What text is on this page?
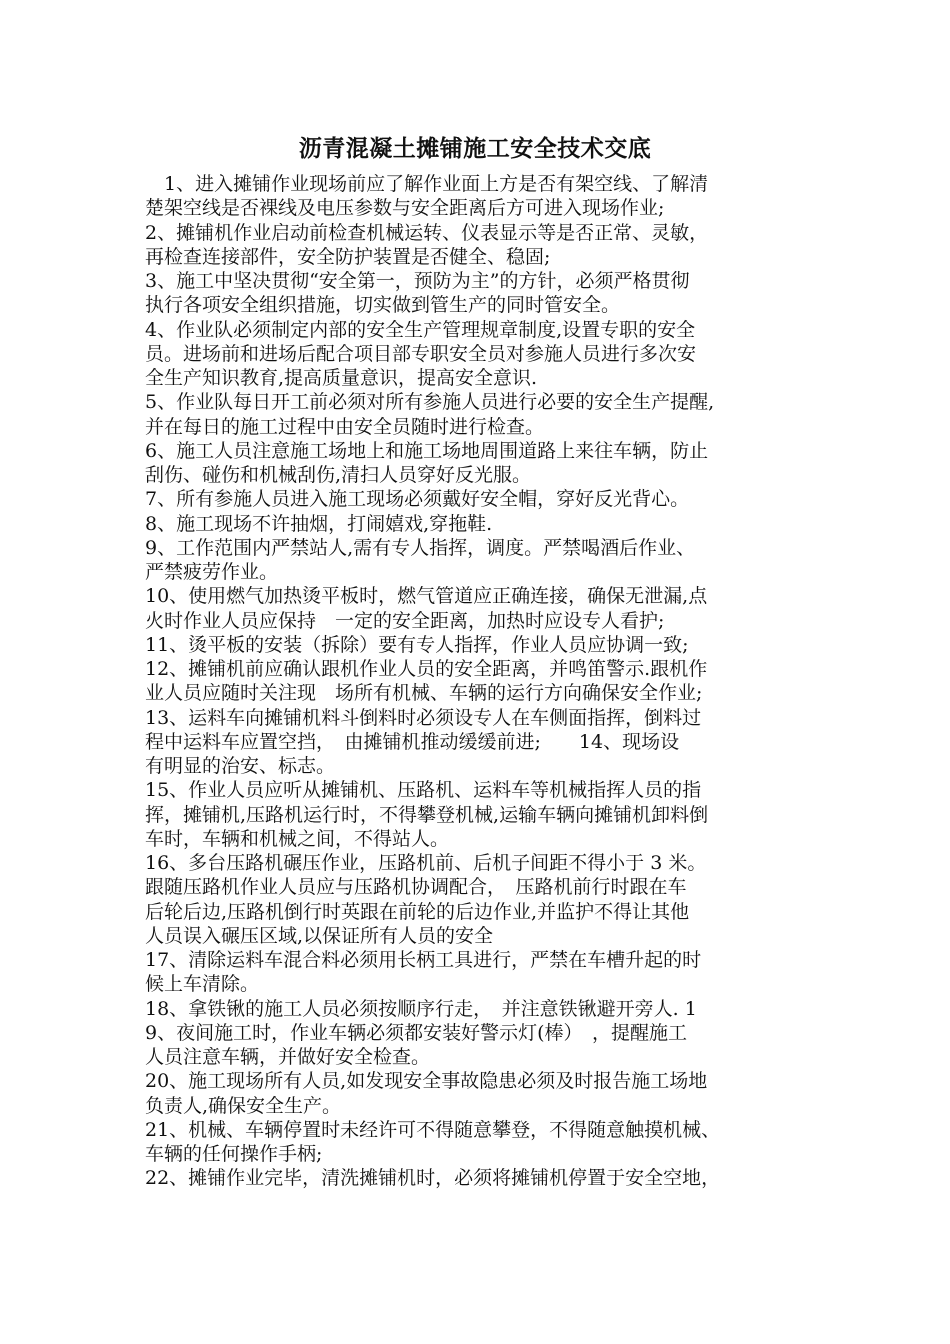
沥青混凝土摊铺施工安全技术交底
　1、进入摊铺作业现场前应了解作业面上方是否有架空线、了解清
楚架空线是否裸线及电压参数与安全距离后方可进入现场作业;
2、摊铺机作业启动前检查机械运转、仪表显示等是否正常、灵敏，
再检查连接部件，安全防护装置是否健全、稳固;
3、施工中坚决贯彻“安全第一，预防为主”的方针，必须严格贯彻
执行各项安全组织措施，切实做到管生产的同时管安全。
4、作业队必须制定内部的安全生产管理规章制度,设置专职的安全
员。进场前和进场后配合项目部专职安全员对参施人员进行多次安
全生产知识教育,提高质量意识，提高安全意识.
5、作业队每日开工前必须对所有参施人员进行必要的安全生产提醒,
并在每日的施工过程中由安全员随时进行检查。
6、施工人员注意施工场地上和施工场地周围道路上来往车辆，防止
刮伤、碰伤和机械刮伤,清扫人员穿好反光服。
7、所有参施人员进入施工现场必须戴好安全帽，穿好反光背心。
8、施工现场不许抽烟，打闹嬉戏,穿拖鞋.
9、工作范围内严禁站人,需有专人指挥，调度。严禁喝酒后作业、
严禁疲劳作业。
10、使用燃气加热烫平板时，燃气管道应正确连接，确保无泄漏,点
火时作业人员应保持　一定的安全距离，加热时应设专人看护;
11、烫平板的安装（拆除）要有专人指挥，作业人员应协调一致;
12、摊铺机前应确认跟机作业人员的安全距离，并鸣笛警示.跟机作
业人员应随时关注现　场所有机械、车辆的运行方向确保安全作业;
13、运料车向摊铺机料斗倒料时必须设专人在车侧面指挥，倒料过
程中运料车应置空挡，　由摊铺机推动缓缓前进;　　14、现场设
有明显的治安、标志。
15、作业人员应听从摊铺机、压路机、运料车等机械指挥人员的指
挥，摊铺机,压路机运行时，不得攀登机械,运输车辆向摊铺机卸料倒
车时，车辆和机械之间，不得站人。
16、多台压路机碾压作业，压路机前、后机子间距不得小于 3 米。
跟随压路机作业人员应与压路机协调配合，　压路机前行时跟在车
后轮后边,压路机倒行时英跟在前轮的后边作业,并监护不得让其他
人员误入碾压区域,以保证所有人员的安全
17、清除运料车混合料必须用长柄工具进行，严禁在车槽升起的时
候上车清除。
18、拿铁锹的施工人员必须按顺序行走，　并注意铁锹避开旁人. 1
9、夜间施工时，作业车辆必须都安装好警示灯(棒）　，提醒施工
人员注意车辆，并做好安全检查。
20、施工现场所有人员,如发现安全事故隐患必须及时报告施工场地
负责人,确保安全生产。
21、机械、车辆停置时未经许可不得随意攀登，不得随意触摸机械、
车辆的任何操作手柄;
22、摊铺作业完毕，清洗摊铺机时，必须将摊铺机停置于安全空地，
